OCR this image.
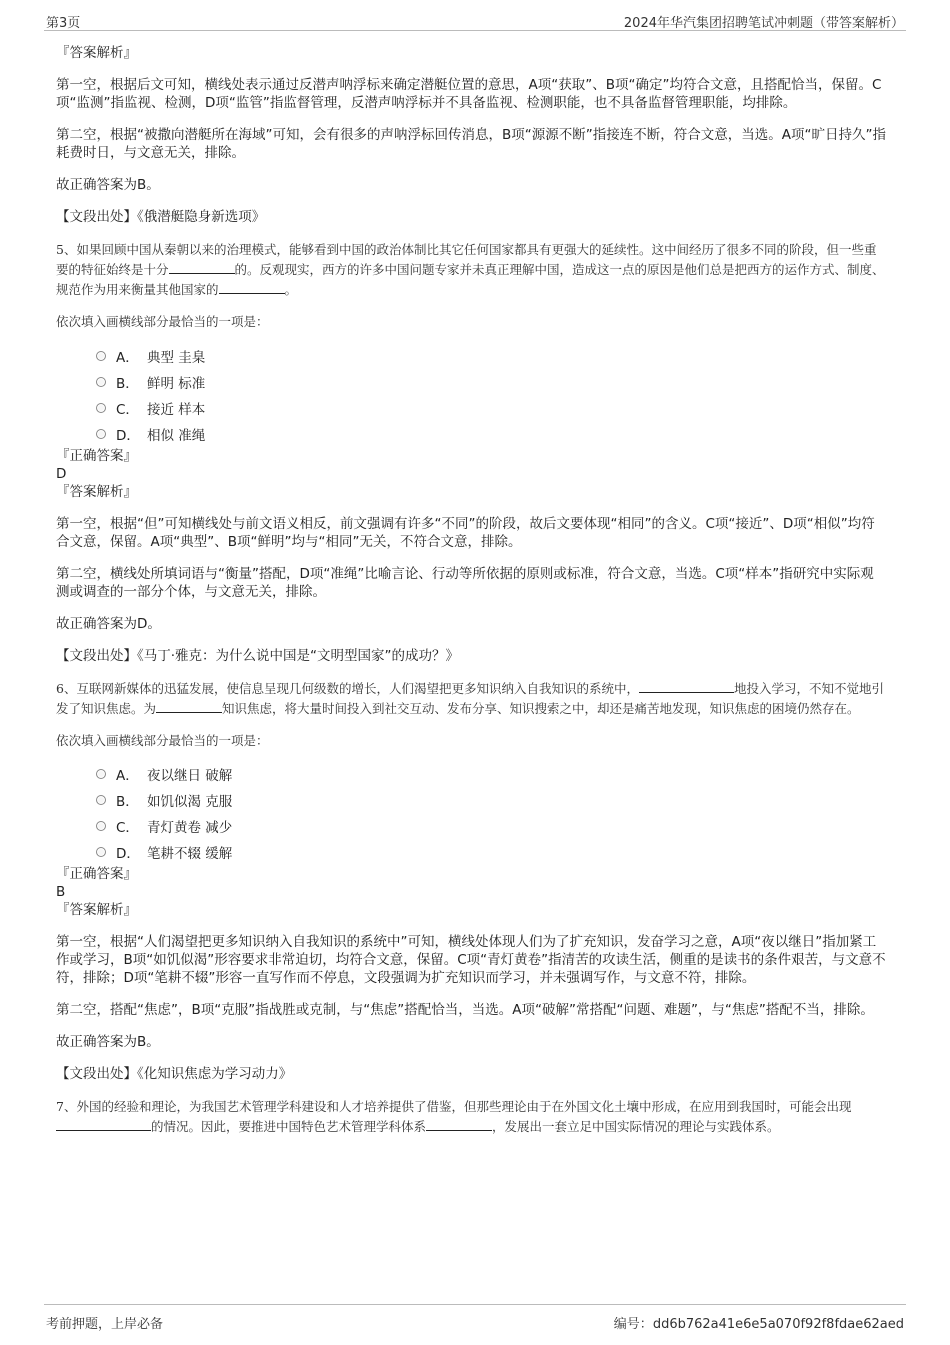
第3页	2024年华汽集团招聘笔试冲刺题（带答案解析）

『答案解析』

第一空，根据后文可知，横线处表示通过反潜声呐浮标来确定潜艇位置的意思，A项“获取”、B项“确定”均符合文意，且搭配恰当，保留。C项“监测”指监视、检测，D项“监管”指监督管理，反潜声呐浮标并不具备监视、检测职能，也不具备监督管理职能，均排除。

第二空，根据“被撒向潜艇所在海域”可知，会有很多的声呐浮标回传消息，B项“源源不断”指接连不断，符合文意，当选。A项“旷日持久”指耗费时日，与文意无关，排除。

故正确答案为B。

【文段出处】《俄潜艇隐身新选项》

5、如果回顾中国从秦朝以来的治理模式，能够看到中国的政治体制比其它任何国家都具有更强大的延续性。这中间经历了很多不同的阶段，但一些重要的特征始终是十分	的。反观现实，西方的许多中国问题专家并未真正理解中国，造成这一点的原因是他们总是把西方的运作方式、制度、规范作为用来衡量其他国家的	。

依次填入画横线部分最恰当的一项是：

A． 典型 圭臬
B． 鲜明 标准
C． 接近 样本
D． 相似 准绳

『正确答案』

D

『答案解析』

第一空，根据“但”可知横线处与前文语义相反，前文强调有许多“不同”的阶段，故后文要体现“相同”的含义。C项“接近”、D项“相似”均符合文意，保留。A项“典型”、B项“鲜明”均与“相同”无关，不符合文意，排除。

第二空，横线处所填词语与“衡量”搭配，D项“准绳”比喻言论、行动等所依据的原则或标准，符合文意，当选。C项“样本”指研究中实际观测或调查的一部分个体，与文意无关，排除。

故正确答案为D。

【文段出处】《马丁·雅克：为什么说中国是“文明型国家”的成功？》

6、互联网新媒体的迅猛发展，使信息呈现几何级数的增长，人们渴望把更多知识纳入自我知识的系统中，	地投入学习，不知不觉地引发了知识焦虑。为	知识焦虑，将大量时间投入到社交互动、发布分享、知识搜索之中，却还是痛苦地发现，知识焦虑的困境仍然存在。

依次填入画横线部分最恰当的一项是：

A． 夜以继日 破解
B． 如饥似渴 克服
C． 青灯黄卷 减少
D． 笔耕不辍 缓解

『正确答案』

B

『答案解析』

第一空，根据“人们渴望把更多知识纳入自我知识的系统中”可知，横线处体现人们为了扩充知识，发奋学习之意，A项“夜以继日”指加紧工作或学习，B项“如饥似渴”形容要求非常迫切，均符合文意，保留。C项“青灯黄卷”指清苦的攻读生活，侧重的是读书的条件艰苦，与文意不符，排除；D项“笔耕不辍”形容一直写作而不停息，文段强调为扩充知识而学习，并未强调写作，与文意不符，排除。

第二空，搭配“焦虑”，B项“克服”指战胜或克制，与“焦虑”搭配恰当，当选。A项“破解”常搭配“问题、难题”，与“焦虑”搭配不当，排除。

故正确答案为B。

【文段出处】《化知识焦虑为学习动力》

7、外国的经验和理论，为我国艺术管理学科建设和人才培养提供了借鉴，但那些理论由于在外国文化土壤中形成，在应用到我国时，可能会出现的情况。因此，要推进中国特色艺术管理学科体系	，发展出一套立足中国实际情况的理论与实践体系。

考前押题，上岸必备	编号：dd6b762a41e6e5a070f92f8fdae62aed
